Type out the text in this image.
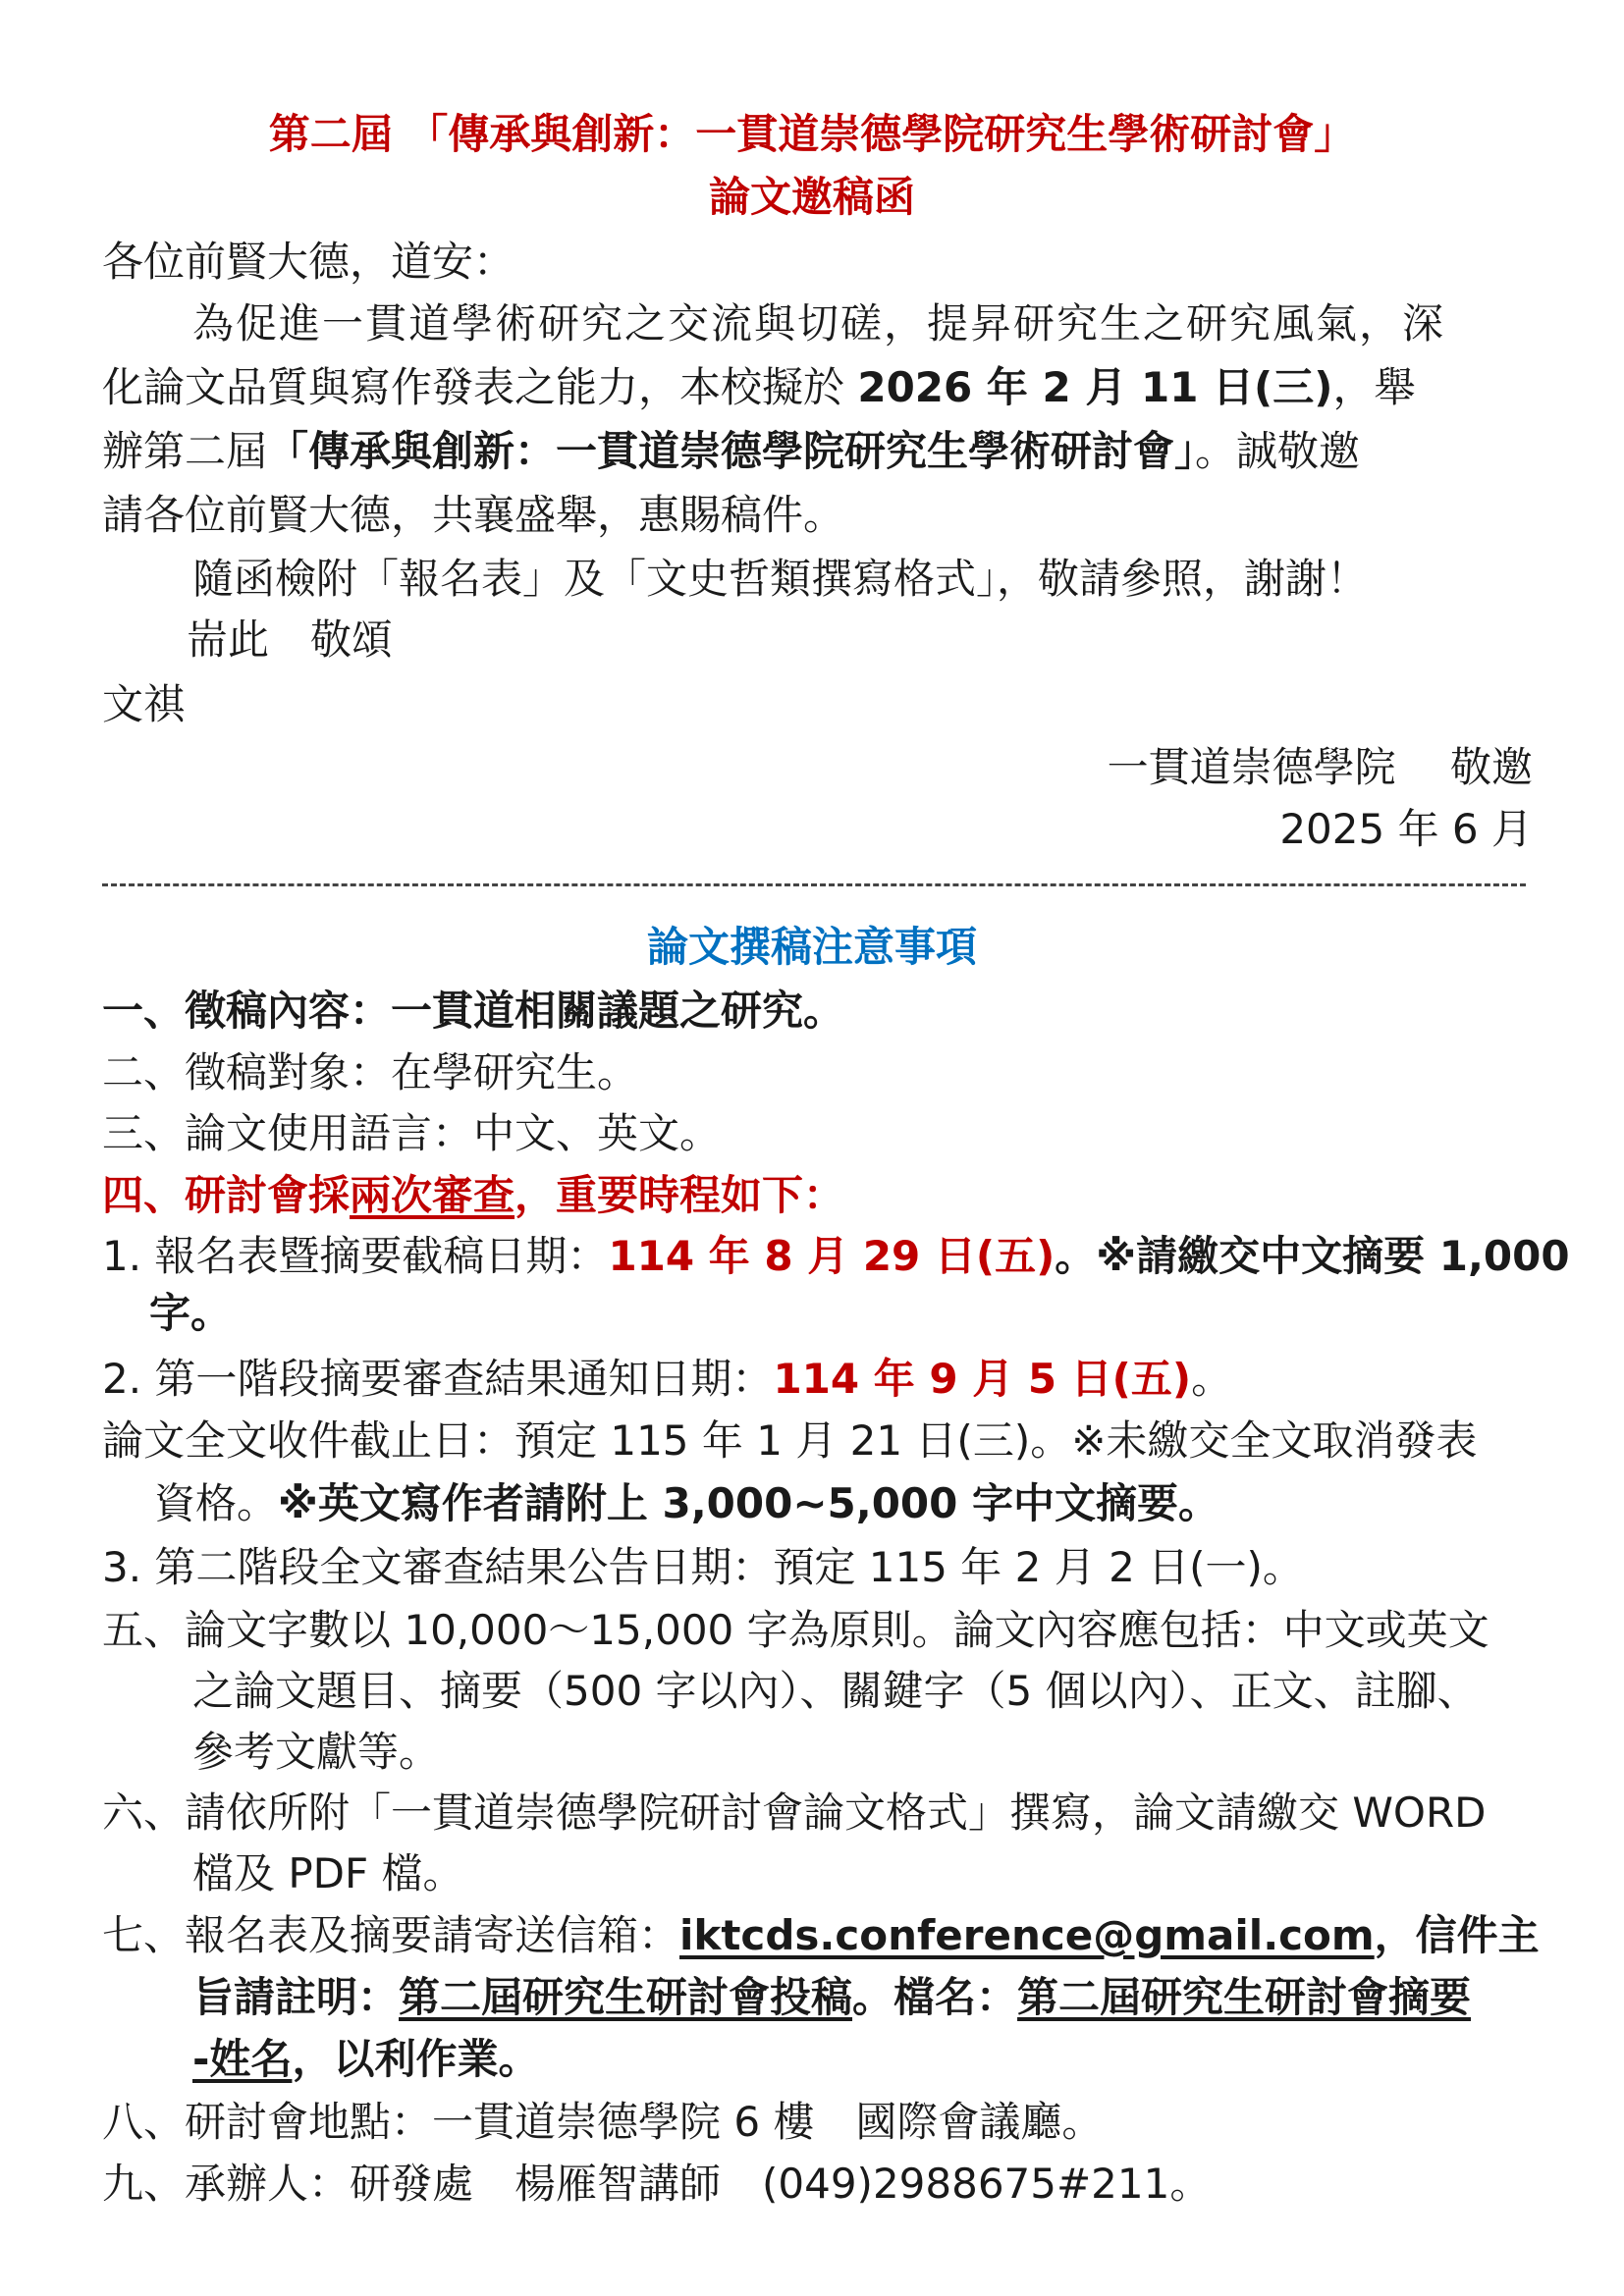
第二屆 「傳承與創新：一貫道崇德學院研究生學術研討會」
論文邀稿函
各位前賢大德，道安：
為促進一貫道學術研究之交流與切磋，提昇研究生之研究風氣，深
化論文品質與寫作發表之能力，本校擬於 2026 年 2 月 11 日(三)，舉
辦第二屆「傳承與創新：一貫道崇德學院研究生學術研討會」。誠敬邀
請各位前賢大德，共襄盛舉，惠賜稿件。
隨函檢附「報名表」及「文史哲類撰寫格式」，敬請參照，謝謝！
耑此　敬頌
文祺
一貫道崇德學院　 敬邀
2025 年 6 月
論文撰稿注意事項
一、徵稿內容：一貫道相關議題之研究。
二、徵稿對象：在學研究生。
三、論文使用語言：中文、英文。
四、研討會採兩次審查，重要時程如下：
1. 報名表暨摘要截稿日期：114 年 8 月 29 日(五)。※請繳交中文摘要 1,000
字。
2. 第一階段摘要審查結果通知日期：114 年 9 月 5 日(五)。
論文全文收件截止日：預定 115 年 1 月 21 日(三)。※未繳交全文取消發表
資格。※英文寫作者請附上 3,000~5,000 字中文摘要。
3. 第二階段全文審查結果公告日期：預定 115 年 2 月 2 日(一)。
五、論文字數以 10,000～15,000 字為原則。論文內容應包括：中文或英文
之論文題目、摘要（500 字以內）、關鍵字（5 個以內）、正文、註腳、
參考文獻等。
六、請依所附「一貫道崇德學院研討會論文格式」撰寫，論文請繳交 WORD
檔及 PDF 檔。
七、報名表及摘要請寄送信箱：iktcds.conference@gmail.com，信件主
旨請註明：第二屆研究生研討會投稿。檔名：第二屆研究生研討會摘要
-姓名，以利作業。
八、研討會地點：一貫道崇德學院 6 樓　國際會議廳。
九、承辦人：研發處　楊雁智講師　(049)2988675#211。
